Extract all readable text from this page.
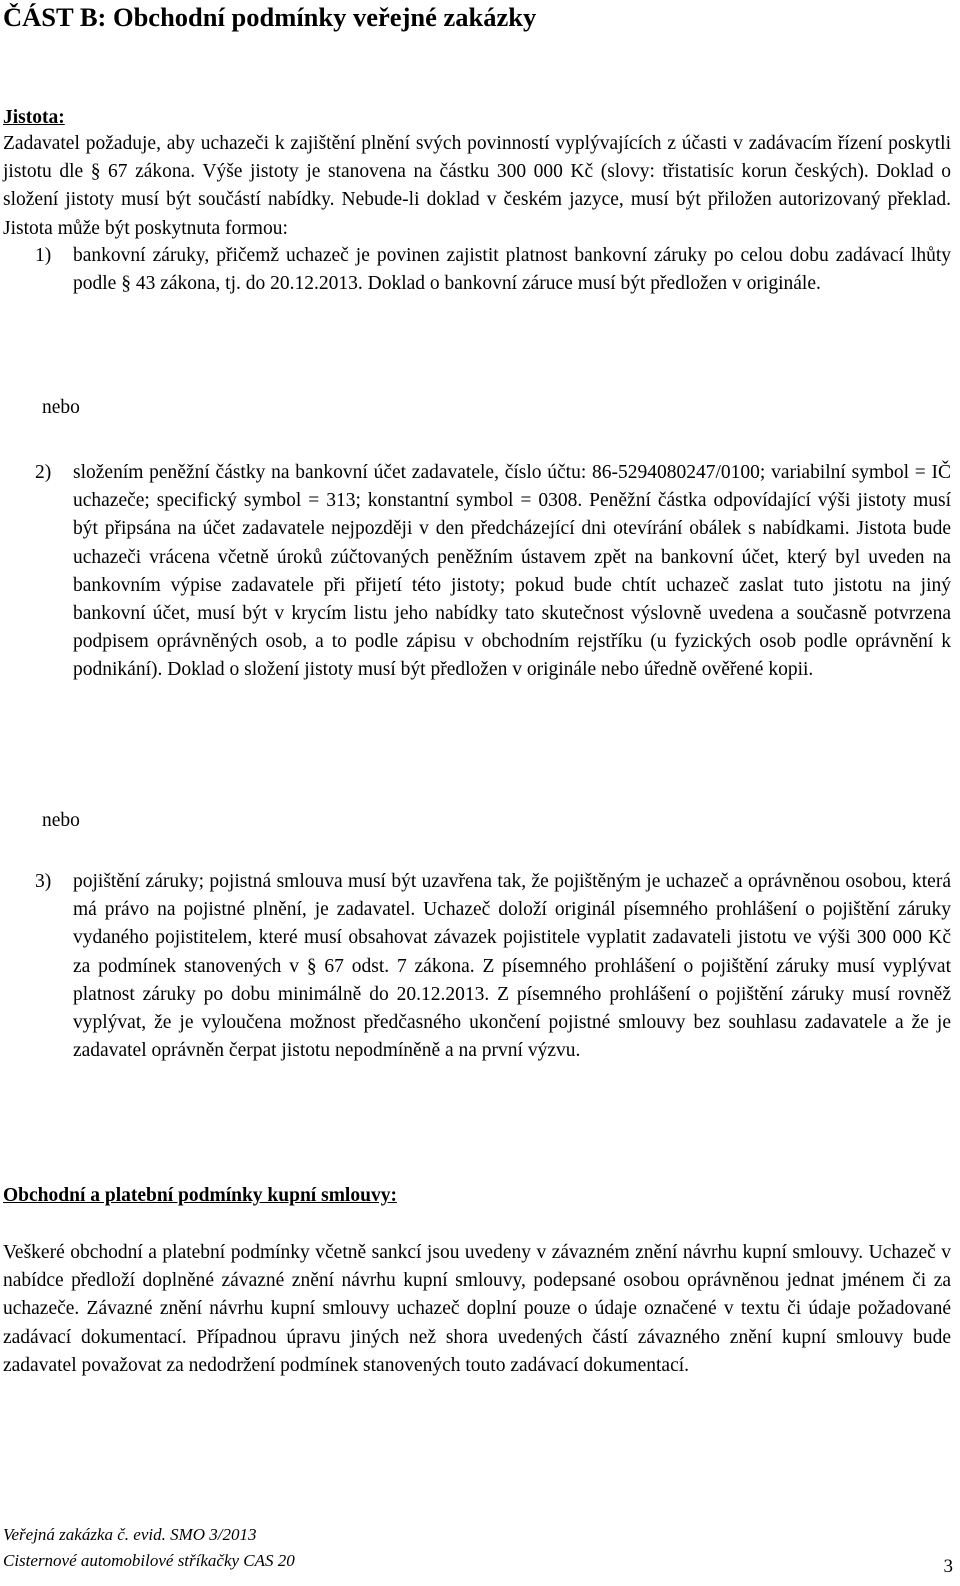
ČÁST B: Obchodní podmínky veřejné zakázky
Jistota:
Zadavatel požaduje, aby uchazeči k zajištění plnění svých povinností vyplývajících z účasti v zadávacím řízení poskytli jistotu dle § 67 zákona. Výše jistoty je stanovena na částku 300 000 Kč (slovy: třistatisíc korun českých). Doklad o složení jistoty musí být součástí nabídky. Nebude-li doklad v českém jazyce, musí být přiložen autorizovaný překlad. Jistota může být poskytnuta formou:
1)	bankovní záruky, přičemž uchazeč je povinen zajistit platnost bankovní záruky po celou dobu zadávací lhůty podle § 43 zákona, tj. do 20.12.2013. Doklad o bankovní záruce musí být předložen v originále.
nebo
2)	složením peněžní částky na bankovní účet zadavatele, číslo účtu: 86-5294080247/0100; variabilní symbol = IČ uchazeče; specifický symbol = 313; konstantní symbol = 0308. Peněžní částka odpovídající výši jistoty musí být připsána na účet zadavatele nejpozději v den předcházející dni otevírání obálek s nabídkami. Jistota bude uchazeči vrácena včetně úroků zúčtovaných peněžním ústavem zpět na bankovní účet, který byl uveden na bankovním výpise zadavatele při přijetí této jistoty; pokud bude chtít uchazeč zaslat tuto jistotu na jiný bankovní účet, musí být v krycím listu jeho nabídky tato skutečnost výslovně uvedena a současně potvrzena podpisem oprávněných osob, a to podle zápisu v obchodním rejstříku (u fyzických osob podle oprávnění k podnikání). Doklad o složení jistoty musí být předložen v originále nebo úředně ověřené kopii.
nebo
3)	pojištění záruky; pojistná smlouva musí být uzavřena tak, že pojištěným je uchazeč a oprávněnou osobou, která má právo na pojistné plnění, je zadavatel. Uchazeč doloží originál písemného prohlášení o pojištění záruky vydaného pojistitelem, které musí obsahovat závazek pojistitele vyplatit zadavateli jistotu ve výši 300 000 Kč za podmínek stanovených v § 67 odst. 7 zákona. Z písemného prohlášení o pojištění záruky musí vyplývat platnost záruky po dobu minimálně do 20.12.2013. Z písemného prohlášení o pojištění záruky musí rovněž vyplývat, že je vyloučena možnost předčasného ukončení pojistné smlouvy bez souhlasu zadavatele a že je zadavatel oprávněn čerpat jistotu nepodmíněně a na první výzvu.
Obchodní a platební podmínky kupní smlouvy:
Veškeré obchodní a platební podmínky včetně sankcí jsou uvedeny v závazném znění návrhu kupní smlouvy. Uchazeč v nabídce předloží doplněné závazné znění návrhu kupní smlouvy, podepsané osobou oprávněnou jednat jménem či za uchazeče. Závazné znění návrhu kupní smlouvy uchazeč doplní pouze o údaje označené v textu či údaje požadované zadávací dokumentací. Případnou úpravu jiných než shora uvedených částí závazného znění kupní smlouvy bude zadavatel považovat za nedodržení podmínek stanovených touto zadávací dokumentací.
Veřejná zakázka č. evid. SMO 3/2013
Cisternové automobilové stříkačky CAS 20	3
